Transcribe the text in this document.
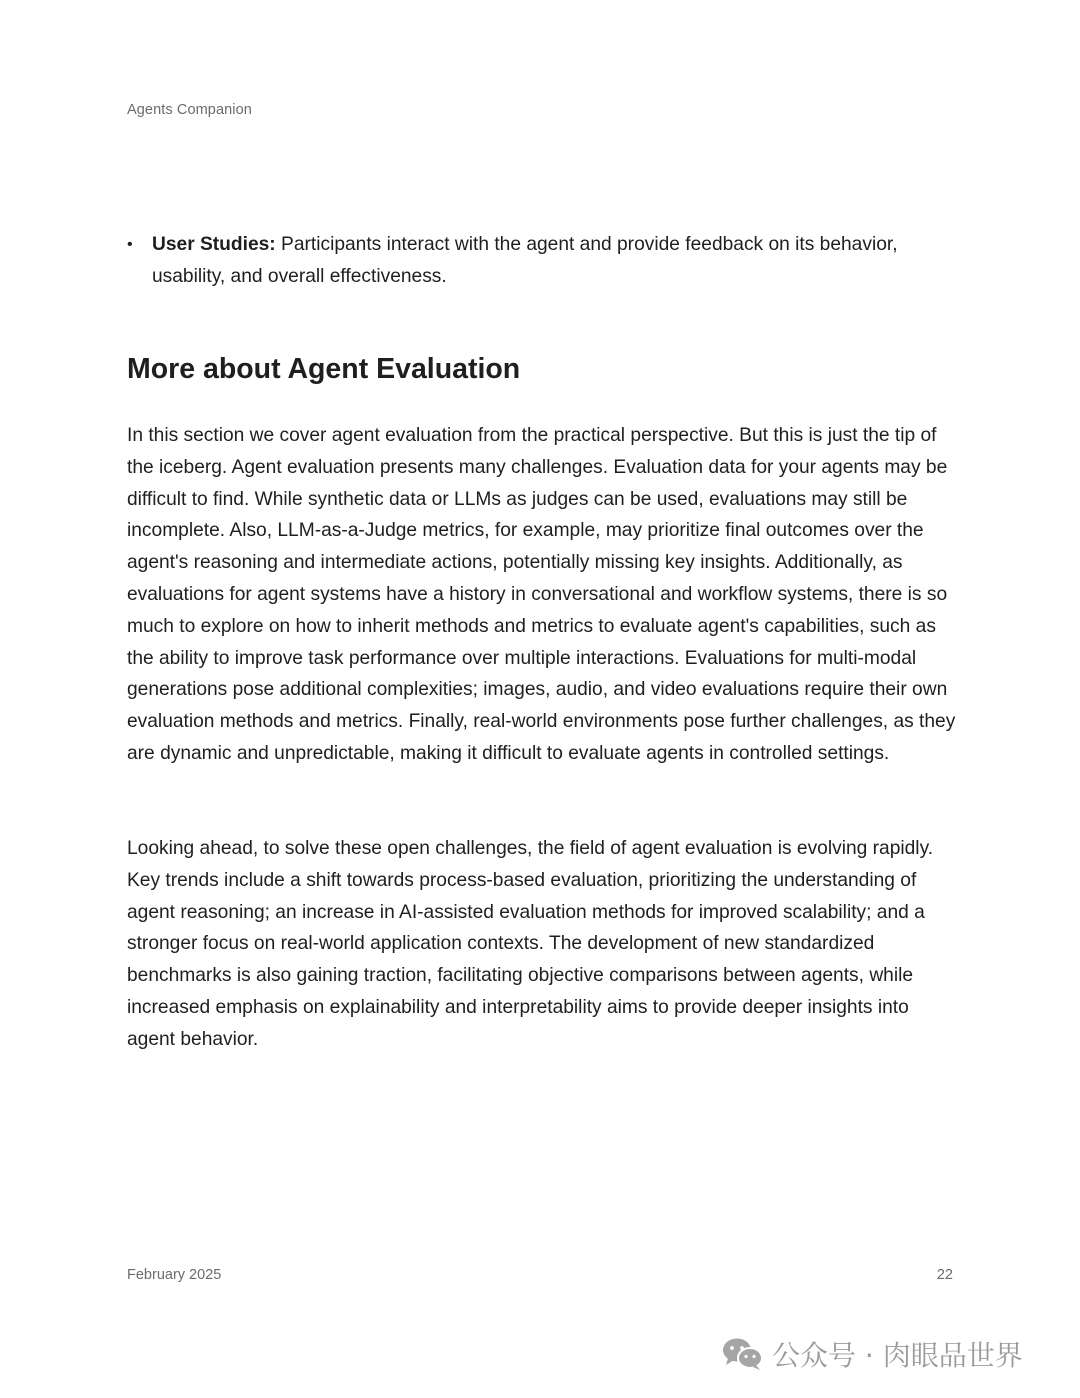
Agents Companion
• User Studies: Participants interact with the agent and provide feedback on its behavior, usability, and overall effectiveness.
More about Agent Evaluation

In this section we cover agent evaluation from the practical perspective. But this is just the tip of the iceberg. Agent evaluation presents many challenges. Evaluation data for your agents may be difficult to find. While synthetic data or LLMs as judges can be used, evaluations may still be incomplete. Also, LLM-as-a-Judge metrics, for example, may prioritize final outcomes over the agent's reasoning and intermediate actions, potentially missing key insights. Additionally, as evaluations for agent systems have a history in conversational and workflow systems, there is so much to explore on how to inherit methods and metrics to evaluate agent's capabilities, such as the ability to improve task performance over multiple interactions. Evaluations for multi-modal generations pose additional complexities; images, audio, and video evaluations require their own evaluation methods and metrics. Finally, real-world environments pose further challenges, as they are dynamic and unpredictable, making it difficult to evaluate agents in controlled settings.

Looking ahead, to solve these open challenges, the field of agent evaluation is evolving rapidly. Key trends include a shift towards process-based evaluation, prioritizing the understanding of agent reasoning; an increase in AI-assisted evaluation methods for improved scalability; and a stronger focus on real-world application contexts. The development of new standardized benchmarks is also gaining traction, facilitating objective comparisons between agents, while increased emphasis on explainability and interpretability aims to provide deeper insights into agent behavior.

February 2025	22
公众号 · 肉眼品世界
